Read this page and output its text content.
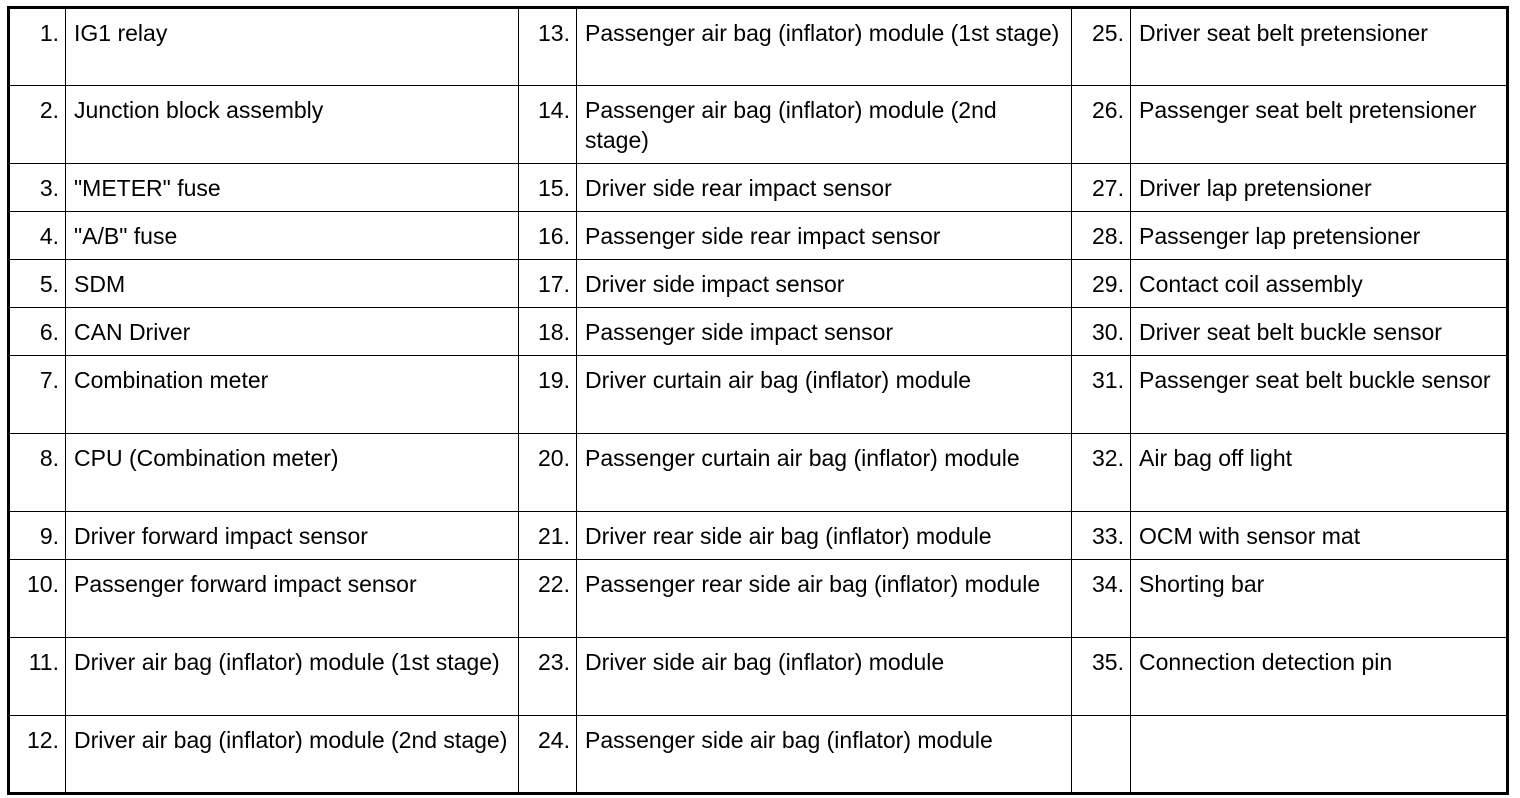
1.	IG1 relay	13.	Passenger air bag (inflator) module (1st stage)	25.	Driver seat belt pretensioner
2.	Junction block assembly	14.	Passenger air bag (inflator) module (2nd stage)	26.	Passenger seat belt pretensioner
3.	"METER" fuse	15.	Driver side rear impact sensor	27.	Driver lap pretensioner
4.	"A/B" fuse	16.	Passenger side rear impact sensor	28.	Passenger lap pretensioner
5.	SDM	17.	Driver side impact sensor	29.	Contact coil assembly
6.	CAN Driver	18.	Passenger side impact sensor	30.	Driver seat belt buckle sensor
7.	Combination meter	19.	Driver curtain air bag (inflator) module	31.	Passenger seat belt buckle sensor
8.	CPU (Combination meter)	20.	Passenger curtain air bag (inflator) module	32.	Air bag off light
9.	Driver forward impact sensor	21.	Driver rear side air bag (inflator) module	33.	OCM with sensor mat
10.	Passenger forward impact sensor	22.	Passenger rear side air bag (inflator) module	34.	Shorting bar
11.	Driver air bag (inflator) module (1st stage)	23.	Driver side air bag (inflator) module	35.	Connection detection pin
12.	Driver air bag (inflator) module (2nd stage)	24.	Passenger side air bag (inflator) module		
